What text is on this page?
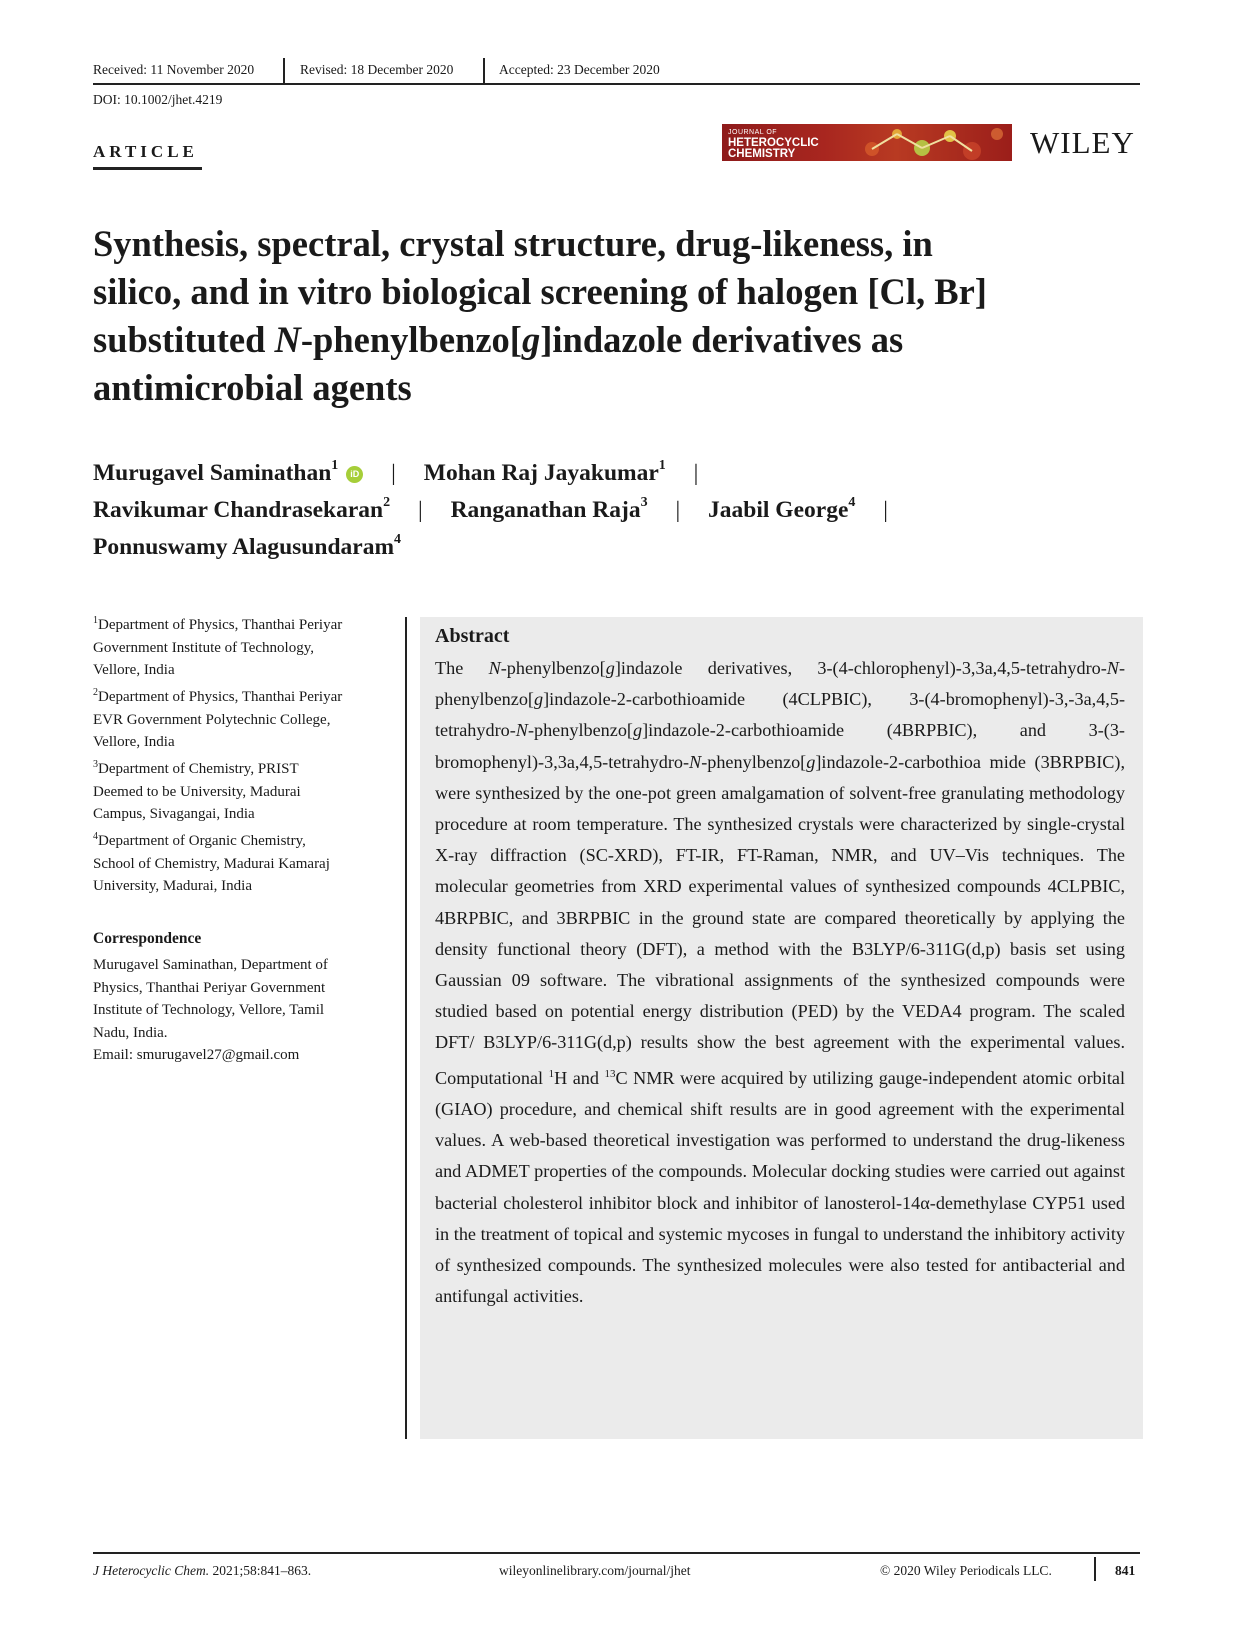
Received: 11 November 2020	Revised: 18 December 2020	Accepted: 23 December 2020
DOI: 10.1002/jhet.4219
ARTICLE
JOURNAL OF
HETEROCYCLIC
CHEMISTRY	WILEY

Synthesis, spectral, crystal structure, drug-likeness, in

silico, and in vitro biological screening of halogen [Cl, Br]

substituted N-phenylbenzo[g]indazole derivatives as

antimicrobial agents

Murugavel Saminathan$^1$iD | Mohan Raj Jayakumar$^1$ |
Ravikumar Chandrasekaran$^2$ | Ranganathan Raja$^3$ | Jaabil George$^4$ |
Ponnuswamy Alagusundaram$^4$
$^1$Department of Physics, Thanthai Periyar
Government Institute of Technology,
Vellore, India
$^2$Department of Physics, Thanthai Periyar
EVR Government Polytechnic College,
Vellore, India
$^3$Department of Chemistry, PRIST
Deemed to be University, Madurai
Campus, Sivagangai, India
$^4$Department of Organic Chemistry,
School of Chemistry, Madurai Kamaraj
University, Madurai, India
Correspondence
Murugavel Saminathan, Department of
Physics, Thanthai Periyar Government
Institute of Technology, Vellore, Tamil
Nadu, India.
Email: smurugavel27@gmail.com
Abstract
The N-phenylbenzo[g]indazole derivatives, 3-(4-chlorophenyl)-3,3a,4,5-tetrahydro-N-phenylbenzo[g]indazole-2-carbothioamide (4CLPBIC), 3-(4-bromophenyl)-3,-3a,4,5-tetrahydro-N-phenylbenzo[g]indazole-2-carbothioamide (4BRPBIC), and 3-(3-bromophenyl)-3,3a,4,5-tetrahydro-N-phenylbenzo[g]indazole-2-carbothioa mide (3BRPBIC), were synthesized by the one-pot green amalgamation of solvent-free granulating methodology procedure at room temperature. The synthesized crystals were characterized by single-crystal X-ray diffraction (SC-XRD), FT-IR, FT-Raman, NMR, and UV–Vis techniques. The molecular geometries from XRD experimental values of synthesized compounds 4CLPBIC, 4BRPBIC, and 3BRPBIC in the ground state are compared theoretically by applying the density functional theory (DFT), a method with the B3LYP/6-311G(d,p) basis set using Gaussian 09 software. The vibrational assignments of the synthesized compounds were studied based on potential energy distribution (PED) by the VEDA4 program. The scaled DFT/ B3LYP/6-311G(d,p) results show the best agreement with the experimental values. Computational $^1$H and $^{13}$C NMR were acquired by utilizing gauge-independent atomic orbital (GIAO) procedure, and chemical shift results are in good agreement with the experimental values. A web-based theoretical investigation was performed to understand the drug-likeness and ADMET properties of the compounds. Molecular docking studies were carried out against bacterial cholesterol inhibitor block and inhibitor of lanosterol-14α-demethylase CYP51 used in the treatment of topical and systemic mycoses in fungal to understand the inhibitory activity of synthesized compounds. The synthesized molecules were also tested for antibacterial and antifungal activities.
J Heterocyclic Chem. 2021;58:841–863.	wileyonlinelibrary.com/journal/jhet	© 2020 Wiley Periodicals LLC.	841
